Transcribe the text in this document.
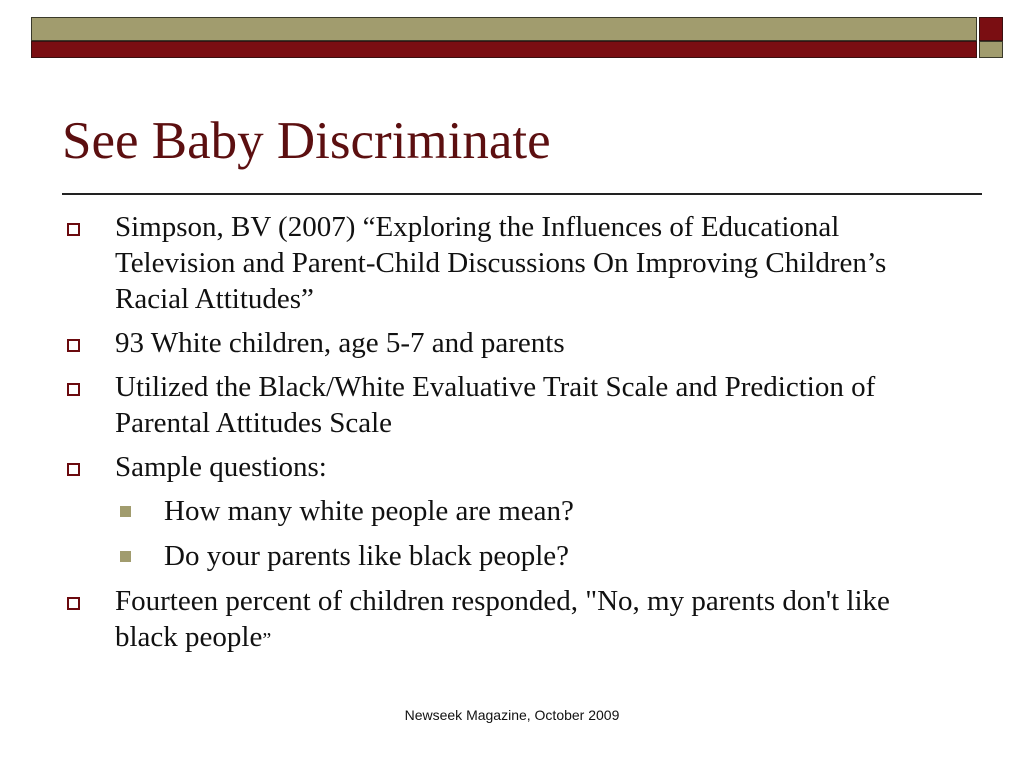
See Baby Discriminate
Simpson, BV (2007) “Exploring the Influences of Educational Television and Parent-Child Discussions On Improving Children’s Racial Attitudes”
93 White children, age 5-7 and parents
Utilized the Black/White Evaluative Trait Scale and Prediction of Parental Attitudes Scale
Sample questions:
How many white people are mean?
Do your parents like black people?
Fourteen percent of children responded, "No, my parents don't like black people”
Newseek Magazine, October 2009
